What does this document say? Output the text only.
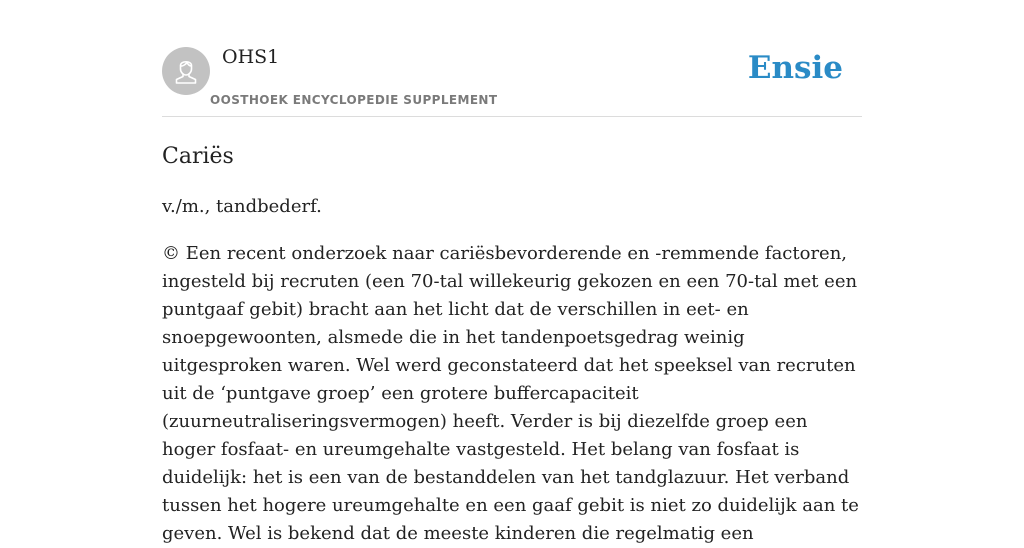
OHS1
OOSTHOEK ENCYCLOPEDIE SUPPLEMENT
Ensie
Cariës

v./m., tandbederf.

© Een recent onderzoek naar cariësbevorderende en -remmende factoren, ingesteld bij recruten (een 70-tal willekeurig gekozen en een 70-tal met een puntgaaf gebit) bracht aan het licht dat de verschillen in eet- en snoepgewoonten, alsmede die in het tandenpoetsgedrag weinig uitgesproken waren. Wel werd geconstateerd dat het speeksel van recruten uit de ‘puntgave groep’ een grotere buffercapaciteit (zuurneutraliseringsvermogen) heeft. Verder is bij diezelfde groep een hoger fosfaat- en ureumgehalte vastgesteld. Het belang van fosfaat is duidelijk: het is een van de bestanddelen van het tandglazuur. Het verband tussen het hogere ureumgehalte en een gaaf gebit is niet zo duidelijk aan te geven. Wel is bekend dat de meeste kinderen die regelmatig een
